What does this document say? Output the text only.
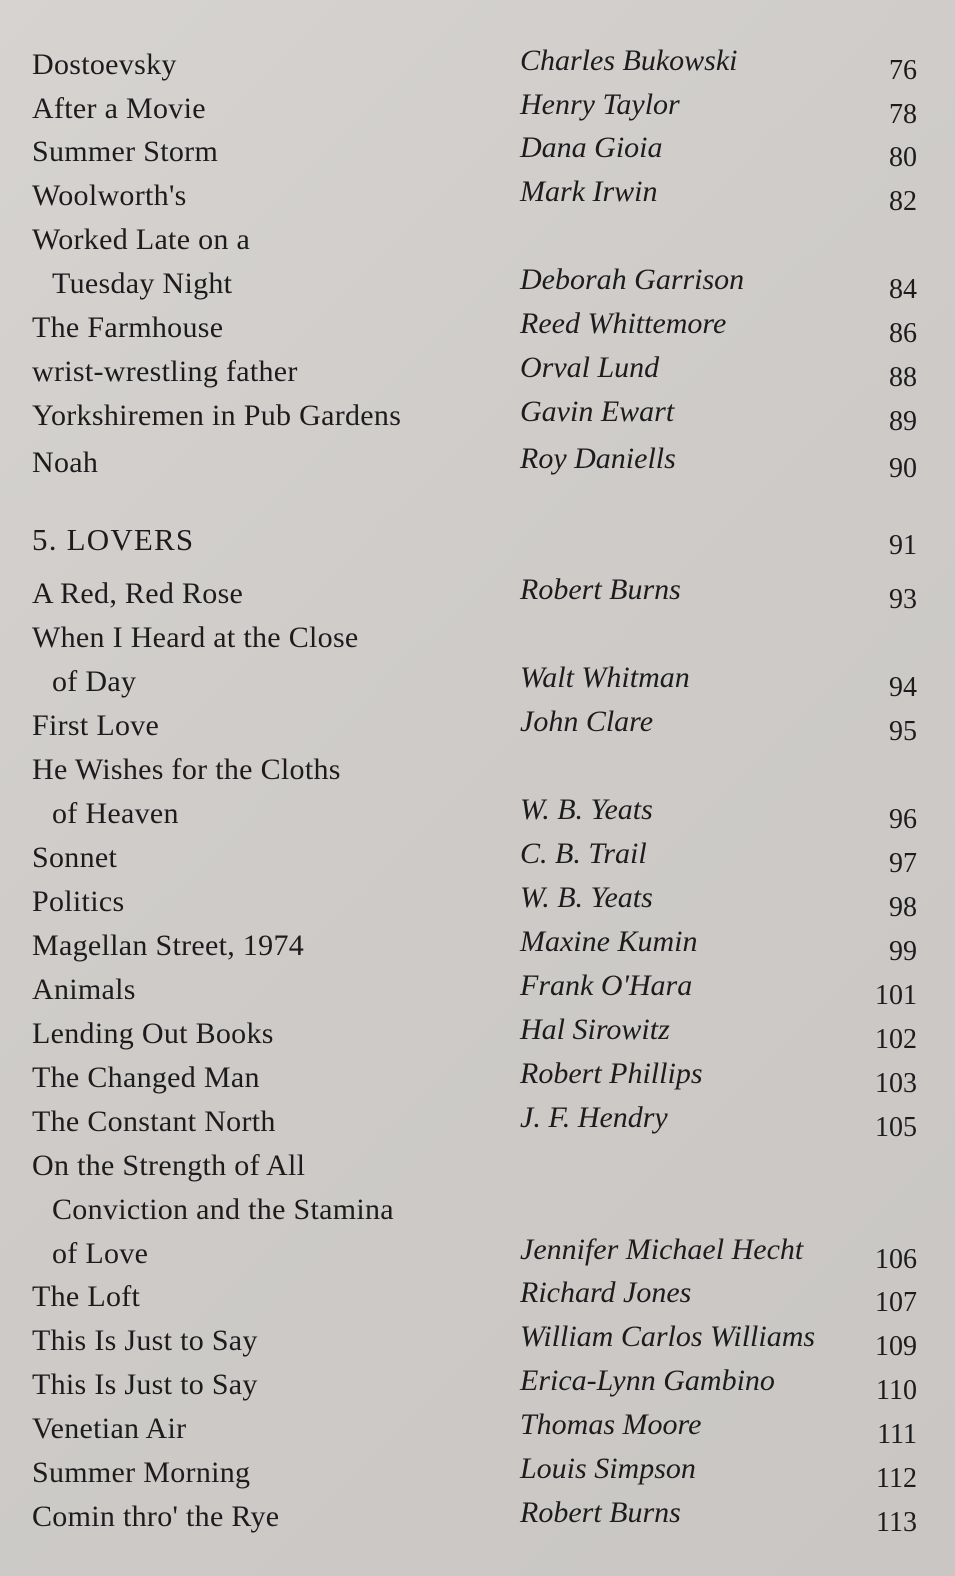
Dostoevsky	Charles Bukowski	76
After a Movie	Henry Taylor	78
Summer Storm	Dana Gioia	80
Woolworth's	Mark Irwin	82
Worked Late on a
Tuesday Night	Deborah Garrison	84
The Farmhouse	Reed Whittemore	86
wrist-wrestling father	Orval Lund	88
Yorkshiremen in Pub Gardens	Gavin Ewart	89
Noah	Roy Daniells	90
5. LOVERS	91
A Red, Red Rose	Robert Burns	93
When I Heard at the Close
of Day	Walt Whitman	94
First Love	John Clare	95
He Wishes for the Cloths
of Heaven	W. B. Yeats	96
Sonnet	C. B. Trail	97
Politics	W. B. Yeats	98
Magellan Street, 1974	Maxine Kumin	99
Animals	Frank O'Hara	101
Lending Out Books	Hal Sirowitz	102
The Changed Man	Robert Phillips	103
The Constant North	J. F. Hendry	105
On the Strength of All
Conviction and the Stamina
of Love	Jennifer Michael Hecht	106
The Loft	Richard Jones	107
This Is Just to Say	William Carlos Williams 109
This Is Just to Say	Erica-Lynn Gambino	110
Venetian Air	Thomas Moore	111
Summer Morning	Louis Simpson	112
Comin thro' the Rye	Robert Burns	113
